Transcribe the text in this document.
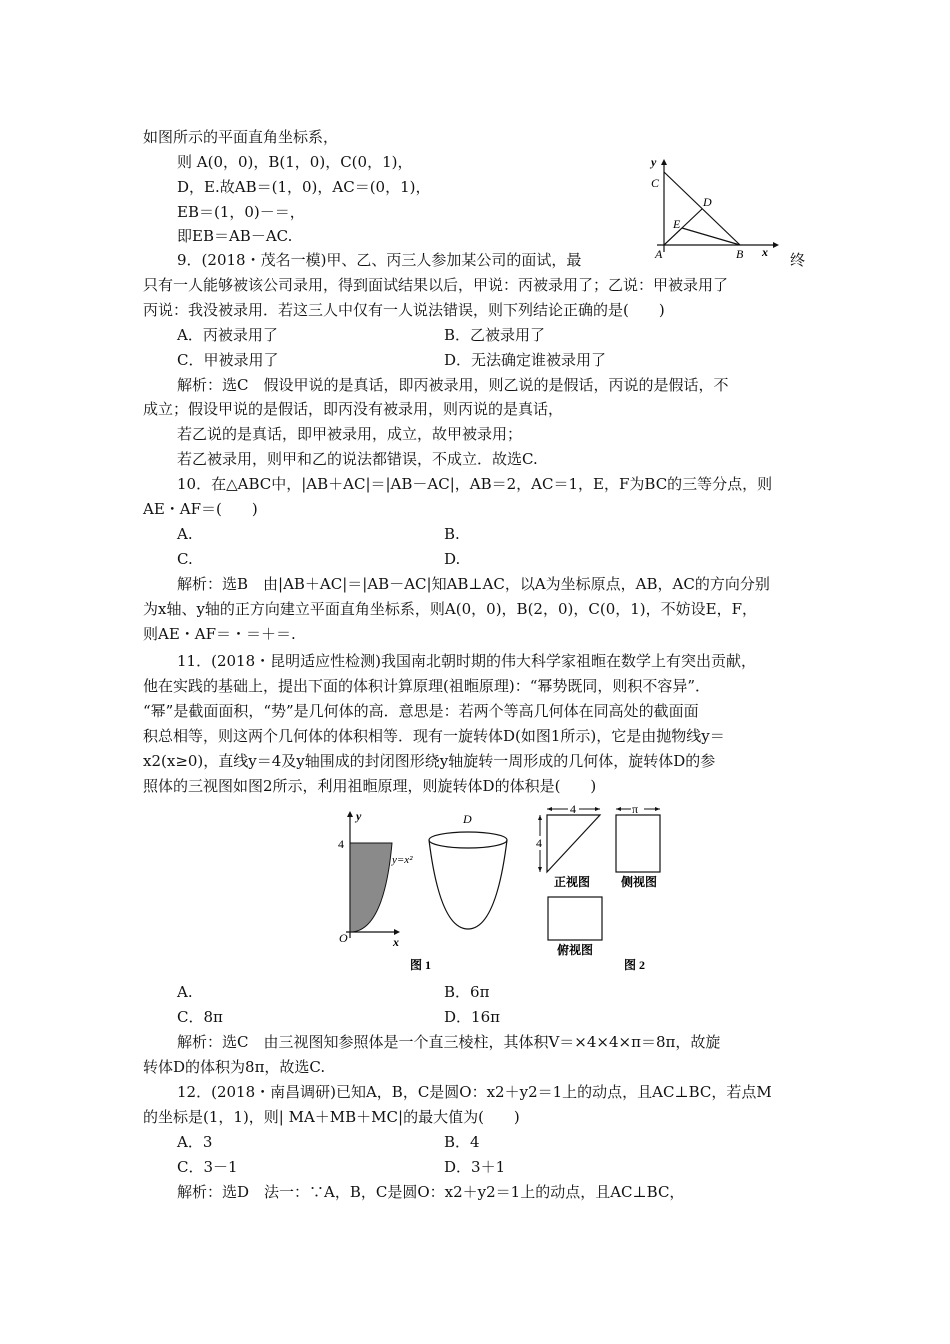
如图所示的平面直角坐标系，
则 A(0，0)，B(1，0)，C(0，1)，
D，E.故AB＝(1，0)，AC＝(0，1)，
EB＝(1，0)－＝，
即EB＝AB－AC.
9．(2018・茂名一模)甲、乙、丙三人参加某公司的面试，最	终
只有一人能够被该公司录用，得到面试结果以后，甲说：丙被录用了；乙说：甲被录用了
丙说：我没被录用．若这三人中仅有一人说法错误，则下列结论正确的是(　　)
A．丙被录用了	B．乙被录用了
C．甲被录用了	D．无法确定谁被录用了
解析：选C　假设甲说的是真话，即丙被录用，则乙说的是假话，丙说的是假话，不
成立；假设甲说的是假话，即丙没有被录用，则丙说的是真话，
若乙说的是真话，即甲被录用，成立，故甲被录用；
若乙被录用，则甲和乙的说法都错误，不成立．故选C.
10．在△ABC中，|AB＋AC|＝|AB－AC|，AB＝2，AC＝1，E，F为BC的三等分点，则
AE・AF＝(　　)
A.	B.
C.	D.
解析：选B　由|AB＋AC|＝|AB－AC|知AB⊥AC，以A为坐标原点，AB，AC的方向分别
为x轴、y轴的正方向建立平面直角坐标系，则A(0，0)，B(2，0)，C(0，1)，不妨设E，F，
则AE・AF＝・＝＋＝.
11．(2018・昆明适应性检测)我国南北朝时期的伟大科学家祖暅在数学上有突出贡献，
他在实践的基础上，提出下面的体积计算原理(祖暅原理)：“幂势既同，则积不容异”．
“幂”是截面面积，“势”是几何体的高．意思是：若两个等高几何体在同高处的截面面
积总相等，则这两个几何体的体积相等．现有一旋转体D(如图1所示)，它是由抛物线y＝
x2(x≥0)，直线y＝4及y轴围成的封闭图形绕y轴旋转一周形成的几何体，旋转体D的参
照体的三视图如图2所示，利用祖暅原理，则旋转体D的体积是(　　)
y
C
D
E
A	B x
4
y
y=x²
O	x
D
图 1
4
4
正视图
π
侧视图
俯视图
图 2
A.	B．6π
C．8π	D．16π
解析：选C　由三视图知参照体是一个直三棱柱，其体积V＝×4×4×π＝8π，故旋
转体D的体积为8π，故选C.
12．(2018・南昌调研)已知A，B，C是圆O：x2＋y2＝1上的动点，且AC⊥BC，若点M
的坐标是(1，1)，则| MA＋MB＋MC|的最大值为(　　)
A．3	B．4
C．3－1	D．3＋1
解析：选D　法一：∵A，B，C是圆O：x2＋y2＝1上的动点，且AC⊥BC，
